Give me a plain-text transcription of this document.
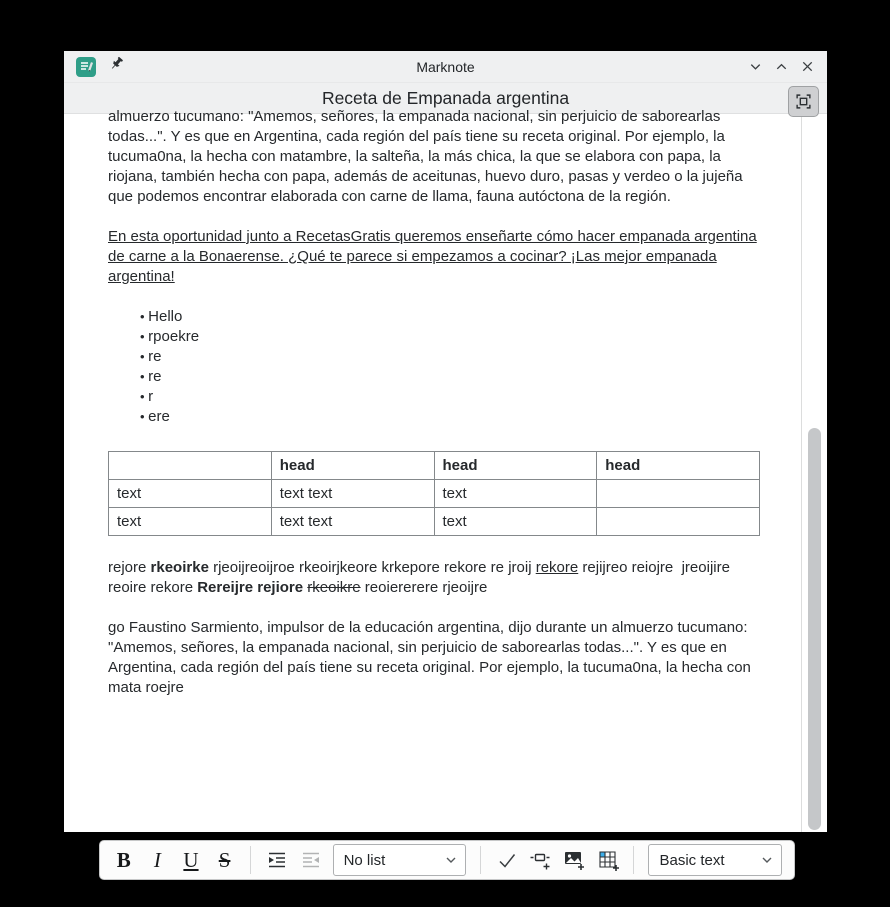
Marknote
Receta de Empanada argentina

almuerzo tucumano: "Amemos, señores, la empanada nacional, sin perjuicio de saborearlas todas...". Y es que en Argentina, cada región del país tiene su receta original. Por ejemplo, la tucuma0na, la hecha con matambre, la salteña, la más chica, la que se elabora con papa, la riojana, también hecha con papa, además de aceitunas, huevo duro, pasas y verdeo o la jujeña que podemos encontrar elaborada con carne de llama, fauna autóctona de la región.

En esta oportunidad junto a RecetasGratis queremos enseñarte cómo hacer empanada argentina de carne a la Bonaerense. ¿Qué te parece si empezamos a cocinar? ¡Las mejor empanada argentina!

• Hello
• rpoekre
• re
• re
• r
• ere
	head	head	head
text	text text	text	
text	text text	text	

rejore rkeoirke rjeoijreoijroe rkeoirjkeore krkepore rekore re jroij rekore rejijreo reiojre  jreoijire reoire rekore Rereijre rejiore rkeoikre reoiererere rjeoijre

go Faustino Sarmiento, impulsor de la educación argentina, dijo durante un almuerzo tucumano: "Amemos, señores, la empanada nacional, sin perjuicio de saborearlas todas...". Y es que en Argentina, cada región del país tiene su receta original. Por ejemplo, la tucuma0na, la hecha con mata roejre

B I U S	No list	Basic text
